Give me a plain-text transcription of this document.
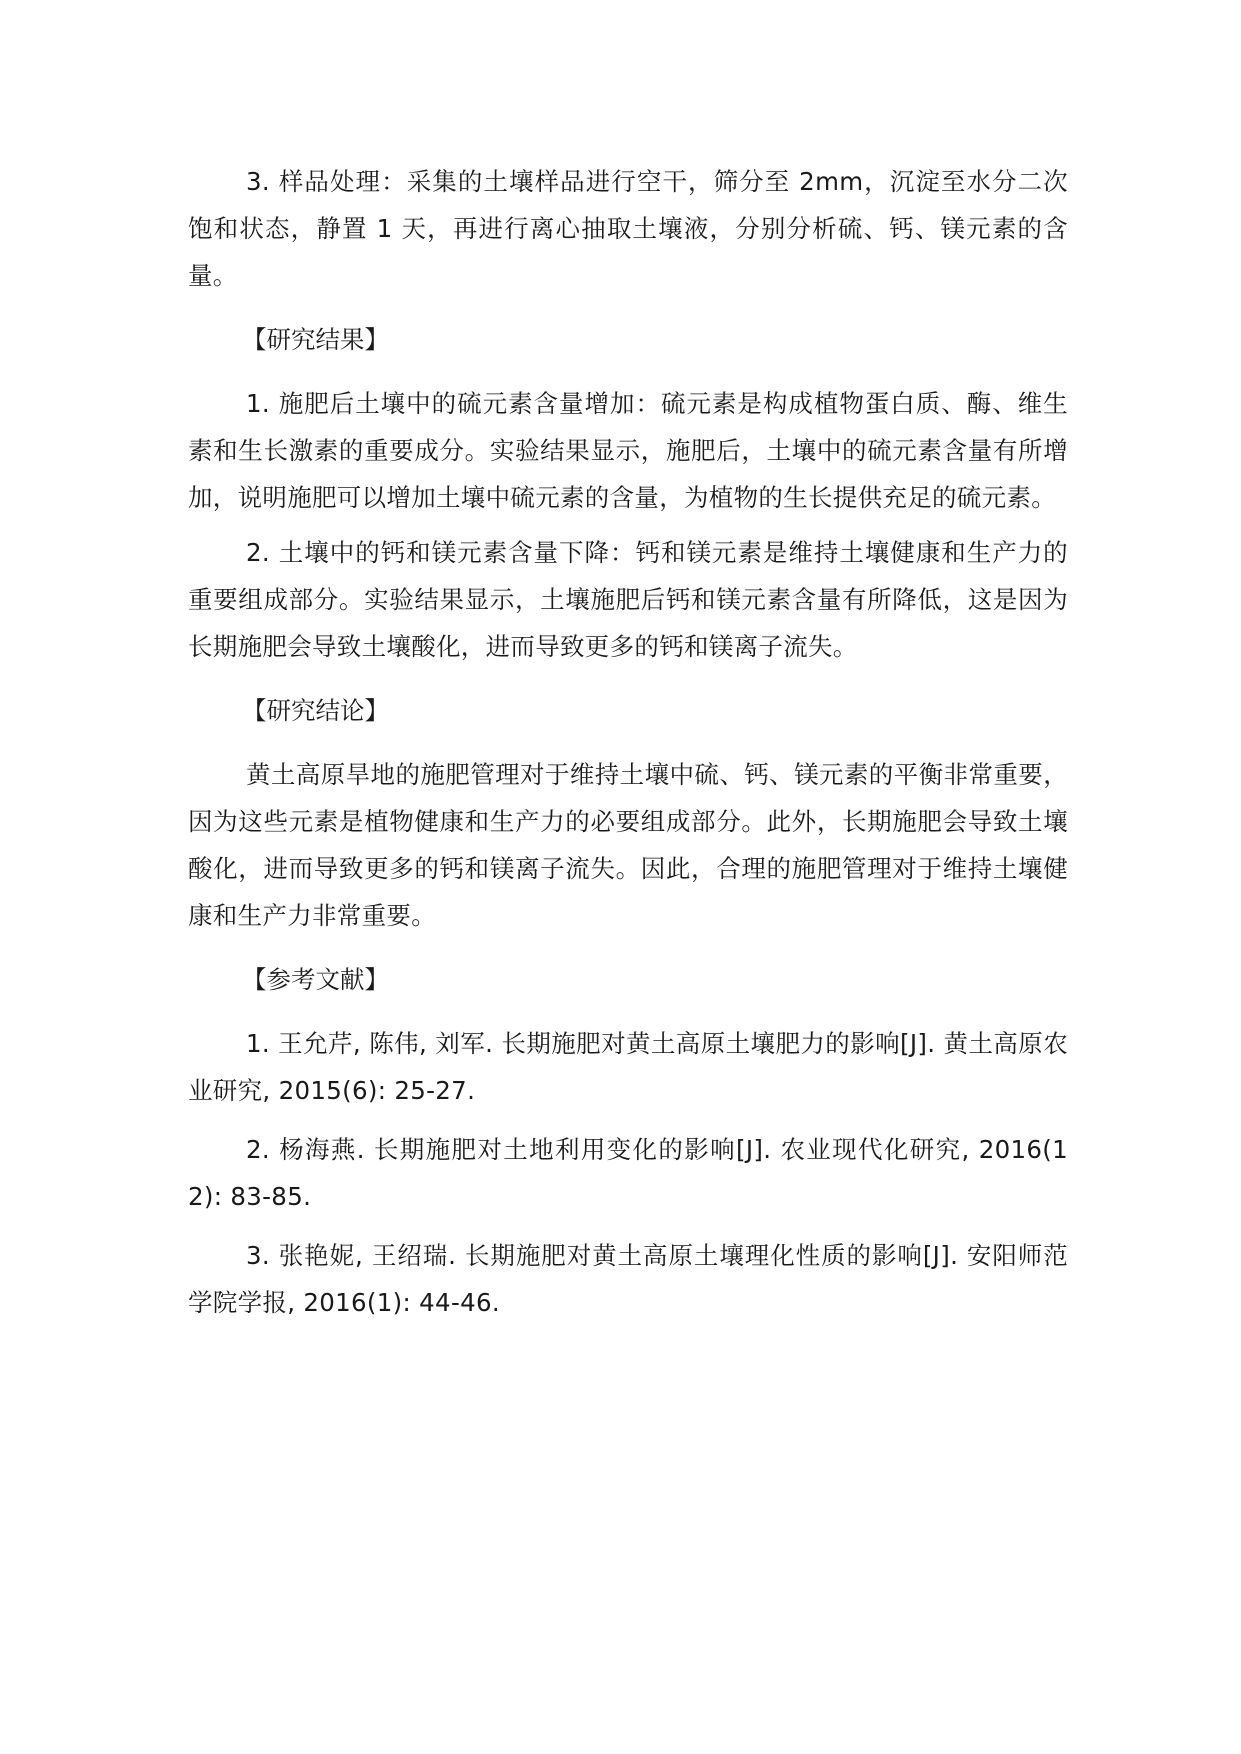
3. 样品处理：采集的土壤样品进行空干，筛分至 2mm，沉淀至水分二次饱和状态，静置 1 天，再进行离心抽取土壤液，分别分析硫、钙、镁元素的含量。

【研究结果】

1. 施肥后土壤中的硫元素含量增加：硫元素是构成植物蛋白质、酶、维生素和生长激素的重要成分。实验结果显示，施肥后，土壤中的硫元素含量有所增加，说明施肥可以增加土壤中硫元素的含量，为植物的生长提供充足的硫元素。

2. 土壤中的钙和镁元素含量下降：钙和镁元素是维持土壤健康和生产力的重要组成部分。实验结果显示，土壤施肥后钙和镁元素含量有所降低，这是因为长期施肥会导致土壤酸化，进而导致更多的钙和镁离子流失。

【研究结论】

黄土高原旱地的施肥管理对于维持土壤中硫、钙、镁元素的平衡非常重要，因为这些元素是植物健康和生产力的必要组成部分。此外，长期施肥会导致土壤酸化，进而导致更多的钙和镁离子流失。因此，合理的施肥管理对于维持土壤健康和生产力非常重要。

【参考文献】

1. 王允芹, 陈伟, 刘军. 长期施肥对黄土高原土壤肥力的影响[J]. 黄土高原农业研究, 2015(6): 25-27.

2. 杨海燕. 长期施肥对土地利用变化的影响[J]. 农业现代化研究, 2016(12): 83-85.

3. 张艳妮, 王绍瑞. 长期施肥对黄土高原土壤理化性质的影响[J]. 安阳师范学院学报, 2016(1): 44-46.
